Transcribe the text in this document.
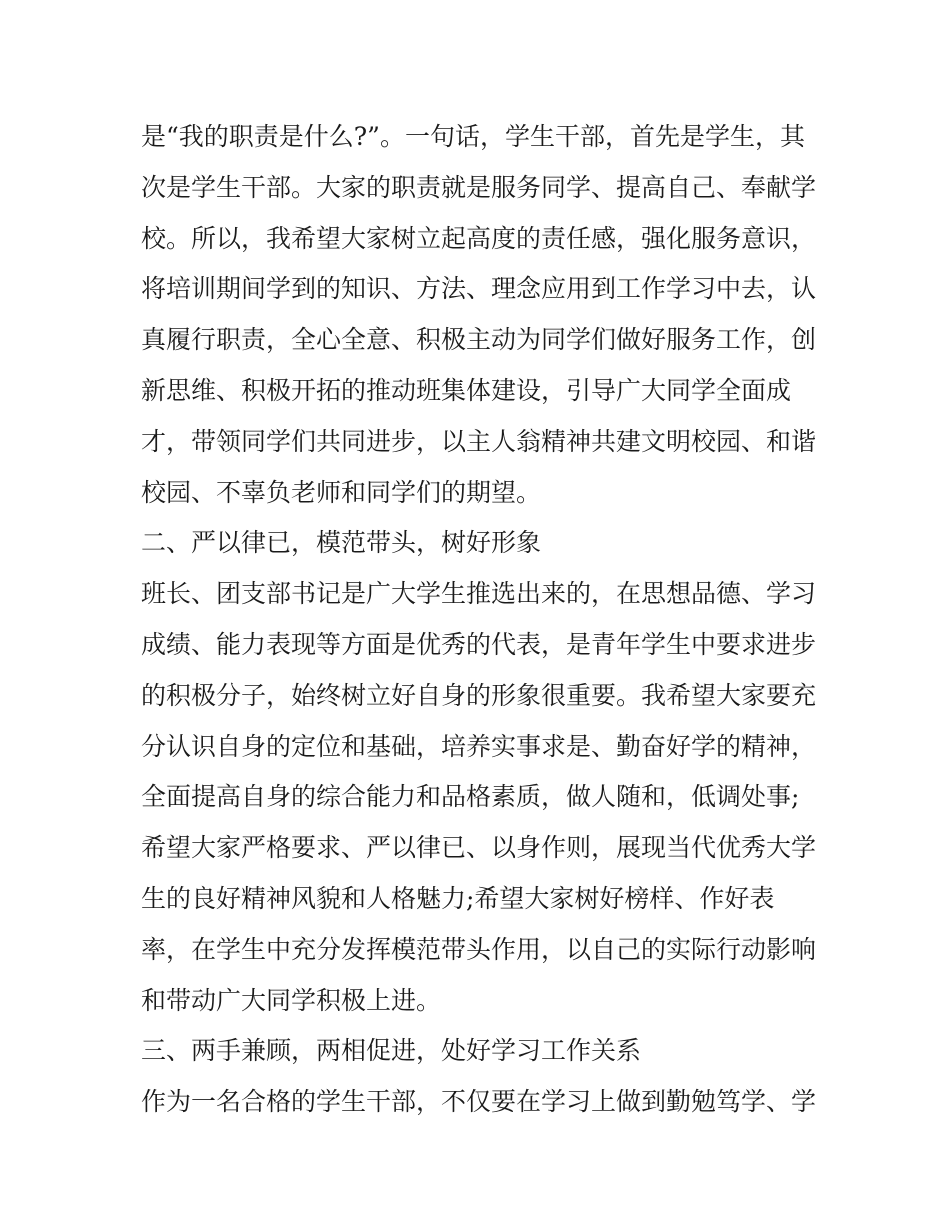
是“我的职责是什么?”。一句话，学生干部，首先是学生，其
次是学生干部。大家的职责就是服务同学、提高自己、奉献学
校。所以，我希望大家树立起高度的责任感，强化服务意识，
将培训期间学到的知识、方法、理念应用到工作学习中去，认
真履行职责，全心全意、积极主动为同学们做好服务工作，创
新思维、积极开拓的推动班集体建设，引导广大同学全面成
才，带领同学们共同进步，以主人翁精神共建文明校园、和谐
校园、不辜负老师和同学们的期望。
二、严以律已，模范带头，树好形象
班长、团支部书记是广大学生推选出来的，在思想品德、学习
成绩、能力表现等方面是优秀的代表，是青年学生中要求进步
的积极分子，始终树立好自身的形象很重要。我希望大家要充
分认识自身的定位和基础，培养实事求是、勤奋好学的精神，
全面提高自身的综合能力和品格素质，做人随和，低调处事;
希望大家严格要求、严以律已、以身作则，展现当代优秀大学
生的良好精神风貌和人格魅力;希望大家树好榜样、作好表
率，在学生中充分发挥模范带头作用，以自己的实际行动影响
和带动广大同学积极上进。
三、两手兼顾，两相促进，处好学习工作关系
作为一名合格的学生干部，不仅要在学习上做到勤勉笃学、学
